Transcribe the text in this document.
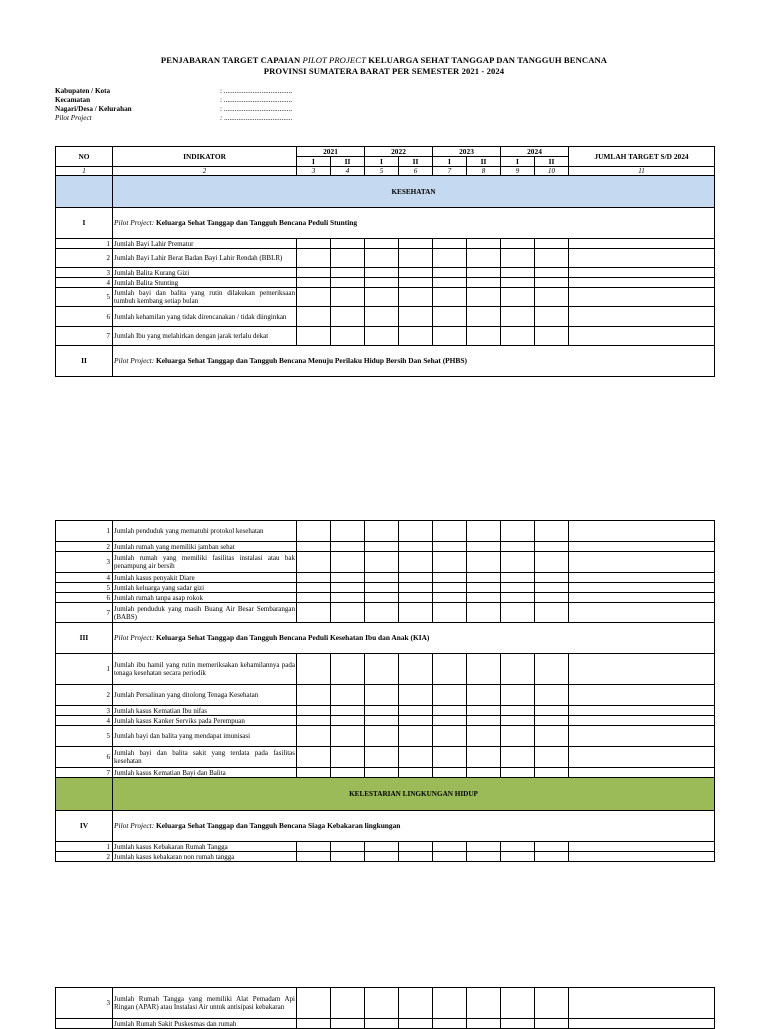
PENJABARAN TARGET CAPAIAN PILOT PROJECT KELUARGA SEHAT TANGGAP DAN TANGGUH BENCANA
PROVINSI SUMATERA BARAT PER SEMESTER 2021 - 2024
Kabupaten / Kota	: ......................................
Kecamatan	: ......................................
Nagari/Desa / Kelurahan	: ......................................
Pilot Project	: ......................................
NO	INDIKATOR	2021		2022		2023		2024		JUMLAH TARGET S/D 2024
		I	II	I	II	I	II	I	II	
1	2	3	4	5	6	7	8	9	10	11
	KESEHATAN									
I	Pilot Project: Keluarga Sehat Tanggap dan Tangguh Bencana Peduli Stunting									
1	Jumlah Bayi Lahir Prematur									
2	Jumlah Bayi Lahir Berat Badan Bayi Lahir Rendah (BBLR)									
3	Jumlah Balita Kurang Gizi									
4	Jumlah Balita Stunting									
5	Jumlah bayi dan balita yang rutin dilakukan pemeriksaan tumbuh kembang setiap bulan									
6	Jumlah kehamilan yang tidak direncanakan / tidak diinginkan									
7	Jumlah Ibu yang melahirkan dengan jarak terlalu dekat									
II	Pilot Project: Keluarga Sehat Tanggap dan Tangguh Bencana Menuju Perilaku Hidup Bersih Dan Sehat (PHBS)									
1	Jumlah penduduk yang mematuhi protokol kesehatan									
2	Jumlah rumah yang memiliki jamban sehat									
3	Jumlah rumah yang memiliki fasilitas instalasi atau bak penampung air bersih									
4	Jumlah kasus penyakit Diare									
5	Jumlah keluarga yang sadar gizi									
6	Jumlah rumah tanpa asap rokok									
7	Jumlah penduduk yang masih Buang Air Besar Sembarangan (BABS)									
III	Pilot Project: Keluarga Sehat Tanggap dan Tangguh Bencana Peduli Kesehatan Ibu dan Anak (KIA)									
1	Jumlah ibu hamil yang rutin memeriksakan kehamilannya pada tenaga kesehatan secara periodik									
2	Jumlah Persalinan yang ditolong Tenaga Kesehatan									
3	Jumlah kasus Kematian Ibu nifas									
4	Jumlah kasus Kanker Serviks pada Perempuan									
5	Jumlah bayi dan balita yang mendapat imunisasi									
6	Jumlah bayi dan balita sakit yang terdata pada fasilitas kesehatan									
7	Jumlah kasus Kematian Bayi dan Balita									
	KELESTARIAN LINGKUNGAN HIDUP									
IV	Pilot Project: Keluarga Sehat Tanggap dan Tangguh Bencana Siaga Kebakaran lingkungan									
1	Jumlah kasus Kebakaran Rumah Tangga									
2	Jumlah kasus kebakaran non rumah tangga									
3	Jumlah Rumah Tangga yang memiliki Alat Pemadam Api Ringan (APAR) atau Instalasi Air untuk antisipasi kebakaran									
	Jumlah Rumah Sakit Puskesmas dan rumah									
